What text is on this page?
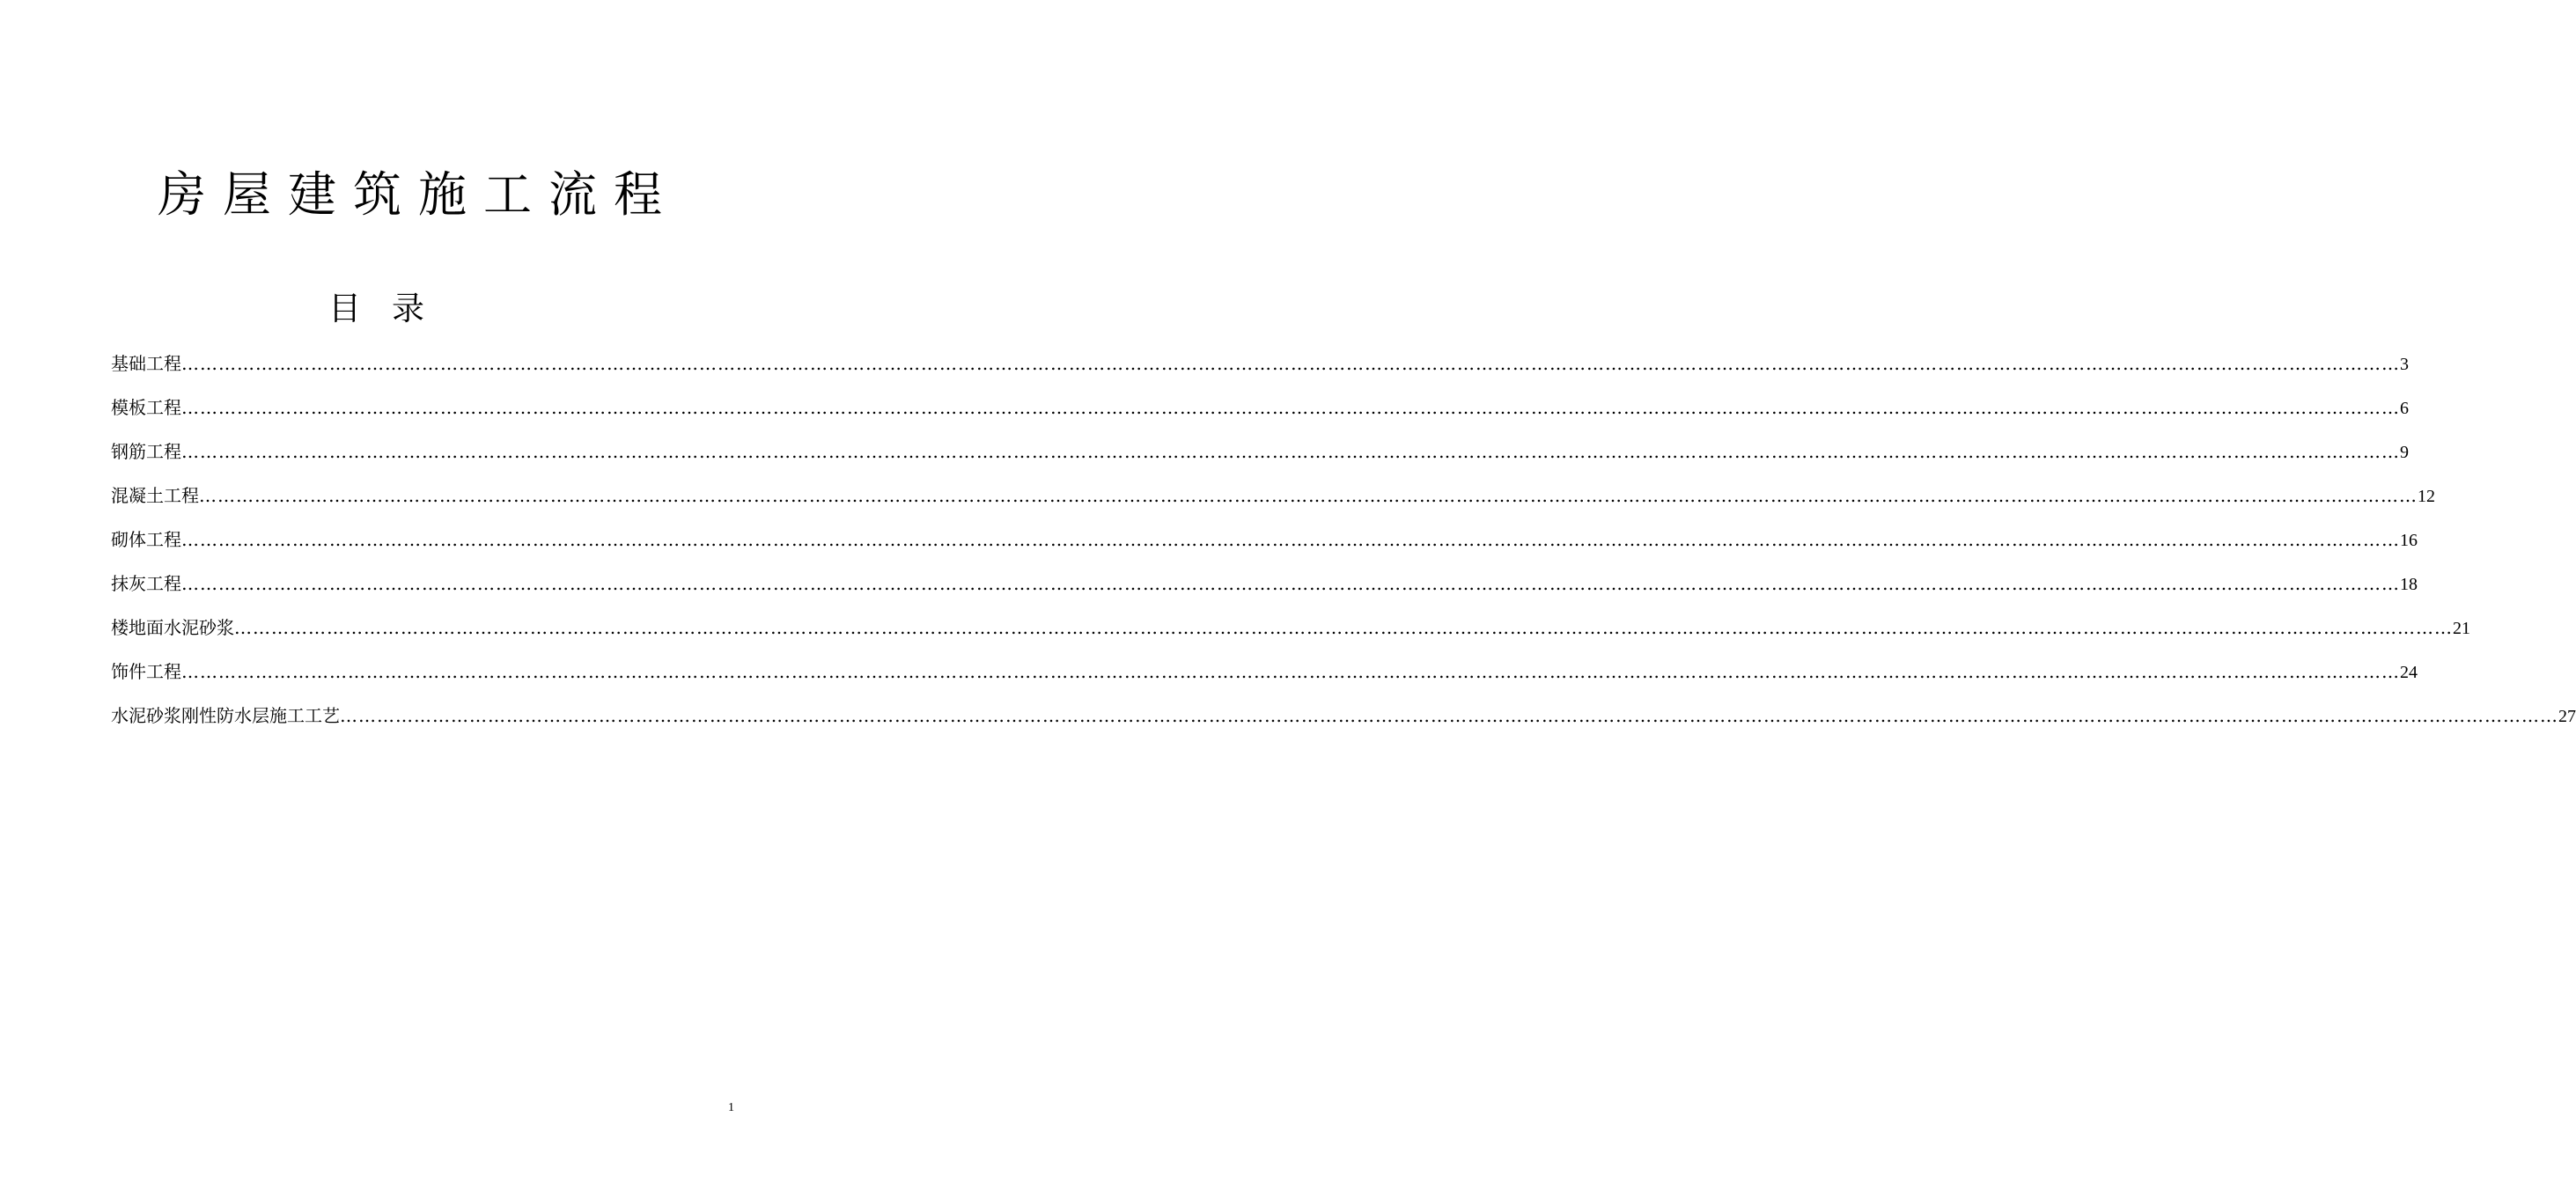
房屋建筑施工流程
目录
基础工程 ……………………………………………………………………………………………………………………………………………………………………………………………………………………………………………………………………………………………………………………………… 3
模板工程 ……………………………………………………………………………………………………………………………………………………………………………………………………………………………………………………………………………………………………………………………… 6
钢筋工程 ……………………………………………………………………………………………………………………………………………………………………………………………………………………………………………………………………………………………………………………………… 9
混凝土工程 ……………………………………………………………………………………………………………………………………………………………………………………………………………………………………………………………………………………………………………………………… 12
砌体工程 ……………………………………………………………………………………………………………………………………………………………………………………………………………………………………………………………………………………………………………………………… 16
抹灰工程 ……………………………………………………………………………………………………………………………………………………………………………………………………………………………………………………………………………………………………………………………… 18
楼地面水泥砂浆 ……………………………………………………………………………………………………………………………………………………………………………………………………………………………………………………………………………………………………………………………… 21
饰件工程 ……………………………………………………………………………………………………………………………………………………………………………………………………………………………………………………………………………………………………………………………… 24
水泥砂浆刚性防水层施工工艺 ……………………………………………………………………………………………………………………………………………………………………………………………………………………………………………………………………………………………………………………………… 27
1
